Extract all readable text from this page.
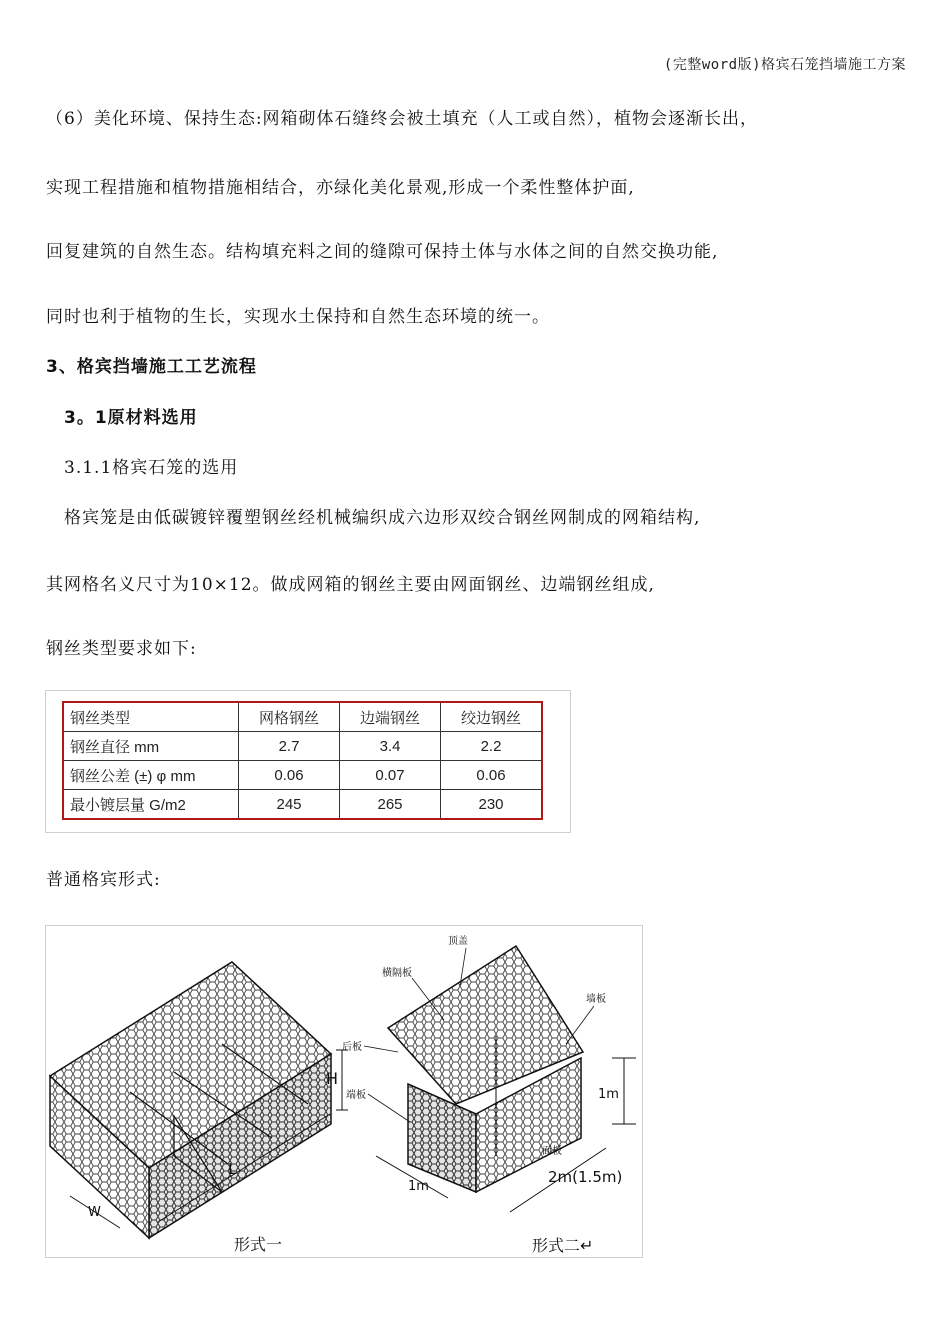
(完整word版)格宾石笼挡墙施工方案
（6）美化环境、保持生态:网箱砌体石缝终会被土填充（人工或自然），植物会逐渐长出，
实现工程措施和植物措施相结合，亦绿化美化景观,形成一个柔性整体护面,
回复建筑的自然生态。结构填充料之间的缝隙可保持土体与水体之间的自然交换功能,
同时也利于植物的生长，实现水土保持和自然生态环境的统一。
3、格宾挡墙施工工艺流程
3。1原材料选用
3.1.1格宾石笼的选用
格宾笼是由低碳镀锌覆塑钢丝经机械编织成六边形双绞合钢丝网制成的网箱结构,
其网格名义尺寸为10×12。做成网箱的钢丝主要由网面钢丝、边端钢丝组成,
钢丝类型要求如下:
钢丝类型	网格钢丝	边端钢丝	绞边钢丝
钢丝直径 mm	2.7	3.4	2.2
钢丝公差 (±) φ mm	0.06	0.07	0.06
最小镀层量 G/m2	245	265	230
普通格宾形式:
H
L
W
形式一
1m
1m
2m(1.5m)
顶盖
横隔板
墙板
后板
端板
面板
形式二↵
